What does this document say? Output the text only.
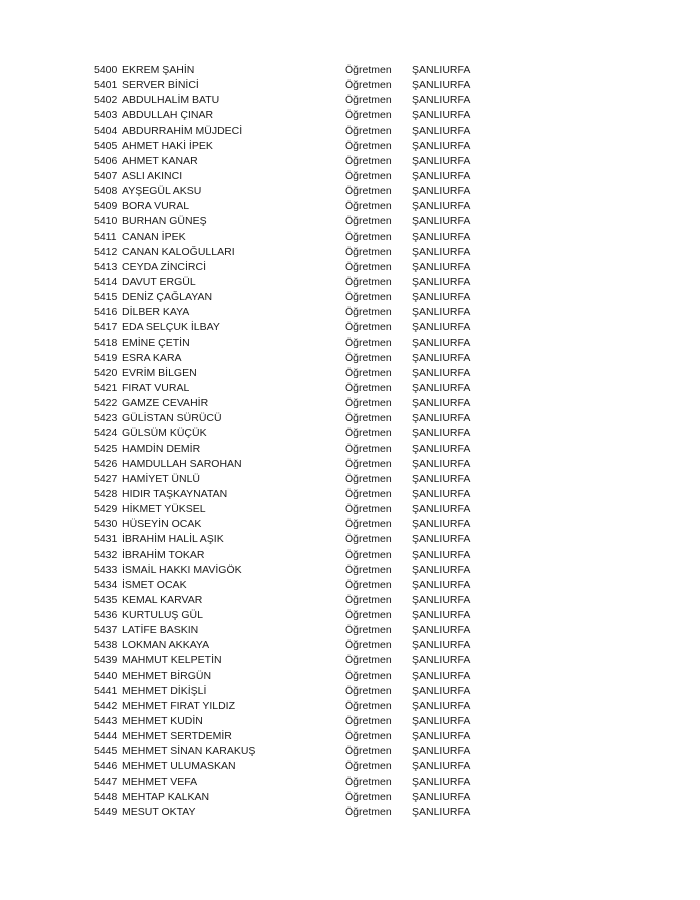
5400 EKREM ŞAHİN	Öğretmen ŞANLIURFA
5401 SERVER BİNİCİ	Öğretmen ŞANLIURFA
5402 ABDULHALİM BATU	Öğretmen ŞANLIURFA
5403 ABDULLAH ÇINAR	Öğretmen ŞANLIURFA
5404 ABDURRAHİM MÜJDECİ	Öğretmen ŞANLIURFA
5405 AHMET HAKİ İPEK	Öğretmen ŞANLIURFA
5406 AHMET KANAR	Öğretmen ŞANLIURFA
5407 ASLI AKINCI	Öğretmen ŞANLIURFA
5408 AYŞEGÜL AKSU	Öğretmen ŞANLIURFA
5409 BORA VURAL	Öğretmen ŞANLIURFA
5410 BURHAN GÜNEŞ	Öğretmen ŞANLIURFA
5411 CANAN İPEK	Öğretmen ŞANLIURFA
5412 CANAN KALOĞULLARI	Öğretmen ŞANLIURFA
5413 CEYDA ZİNCİRCİ	Öğretmen ŞANLIURFA
5414 DAVUT ERGÜL	Öğretmen ŞANLIURFA
5415 DENİZ ÇAĞLAYAN	Öğretmen ŞANLIURFA
5416 DİLBER KAYA	Öğretmen ŞANLIURFA
5417 EDA SELÇUK İLBAY	Öğretmen ŞANLIURFA
5418 EMİNE ÇETİN	Öğretmen ŞANLIURFA
5419 ESRA KARA	Öğretmen ŞANLIURFA
5420 EVRİM BİLGEN	Öğretmen ŞANLIURFA
5421 FIRAT VURAL	Öğretmen ŞANLIURFA
5422 GAMZE CEVAHİR	Öğretmen ŞANLIURFA
5423 GÜLİSTAN SÜRÜCÜ	Öğretmen ŞANLIURFA
5424 GÜLSÜM KÜÇÜK	Öğretmen ŞANLIURFA
5425 HAMDİN DEMİR	Öğretmen ŞANLIURFA
5426 HAMDULLAH SAROHAN	Öğretmen ŞANLIURFA
5427 HAMİYET ÜNLÜ	Öğretmen ŞANLIURFA
5428 HIDIR TAŞKAYNATAN	Öğretmen ŞANLIURFA
5429 HİKMET YÜKSEL	Öğretmen ŞANLIURFA
5430 HÜSEYİN OCAK	Öğretmen ŞANLIURFA
5431 İBRAHİM HALİL AŞIK	Öğretmen ŞANLIURFA
5432 İBRAHİM TOKAR	Öğretmen ŞANLIURFA
5433 İSMAİL HAKKI MAVİGÖK	Öğretmen ŞANLIURFA
5434 İSMET OCAK	Öğretmen ŞANLIURFA
5435 KEMAL KARVAR	Öğretmen ŞANLIURFA
5436 KURTULUŞ GÜL	Öğretmen ŞANLIURFA
5437 LATİFE BASKIN	Öğretmen ŞANLIURFA
5438 LOKMAN AKKAYA	Öğretmen ŞANLIURFA
5439 MAHMUT KELPETİN	Öğretmen ŞANLIURFA
5440 MEHMET BİRGÜN	Öğretmen ŞANLIURFA
5441 MEHMET DİKİŞLİ	Öğretmen ŞANLIURFA
5442 MEHMET FIRAT YILDIZ	Öğretmen ŞANLIURFA
5443 MEHMET KUDİN	Öğretmen ŞANLIURFA
5444 MEHMET SERTDEMİR	Öğretmen ŞANLIURFA
5445 MEHMET SİNAN KARAKUŞ	Öğretmen ŞANLIURFA
5446 MEHMET ULUMASKAN	Öğretmen ŞANLIURFA
5447 MEHMET VEFA	Öğretmen ŞANLIURFA
5448 MEHTAP KALKAN	Öğretmen ŞANLIURFA
5449 MESUT OKTAY	Öğretmen ŞANLIURFA
